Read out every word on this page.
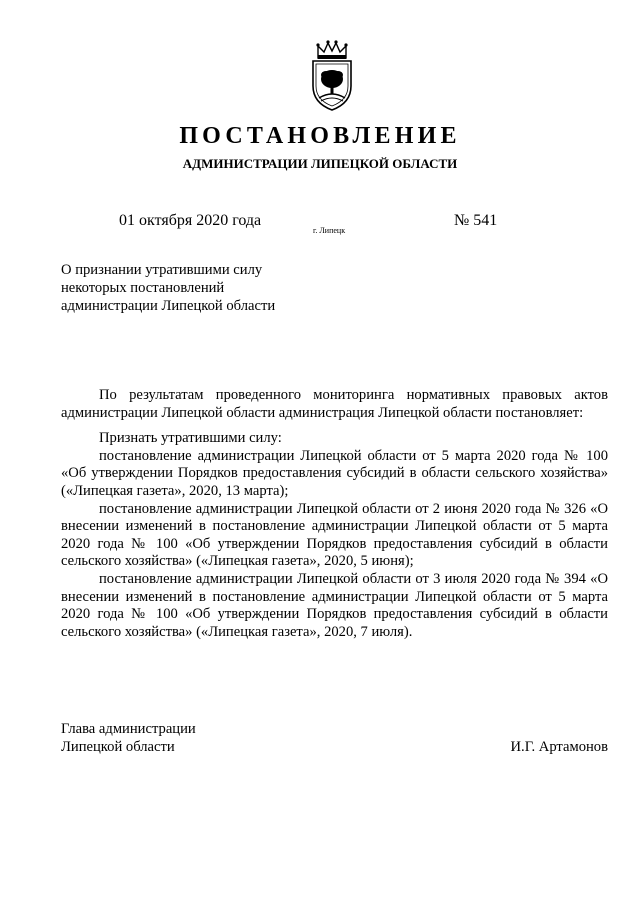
ПОСТАНОВЛЕНИЕ
АДМИНИСТРАЦИИ ЛИПЕЦКОЙ ОБЛАСТИ
01 октября 2020 года
г. Липецк
№ 541
О признании утратившими силу
некоторых постановлений
администрации Липецкой области

По результатам проведенного мониторинга нормативных правовых актов администрации Липецкой области администрация Липецкой области постановляет:

Признать утратившими силу:

постановление администрации Липецкой области от 5 марта 2020 года № 100 «Об утверждении Порядков предоставления субсидий в области сельского хозяйства» («Липецкая газета», 2020, 13 марта);

постановление администрации Липецкой области от 2 июня 2020 года № 326 «О внесении изменений в постановление администрации Липецкой области от 5 марта 2020 года № 100 «Об утверждении Порядков предоставления субсидий в области сельского хозяйства» («Липецкая газета», 2020, 5 июня);

постановление администрации Липецкой области от 3 июля 2020 года № 394 «О внесении изменений в постановление администрации Липецкой области от 5 марта 2020 года № 100 «Об утверждении Порядков предоставления субсидий в области сельского хозяйства» («Липецкая газета», 2020, 7 июля).

Глава администрации
Липецкой области	И.Г. Артамонов
